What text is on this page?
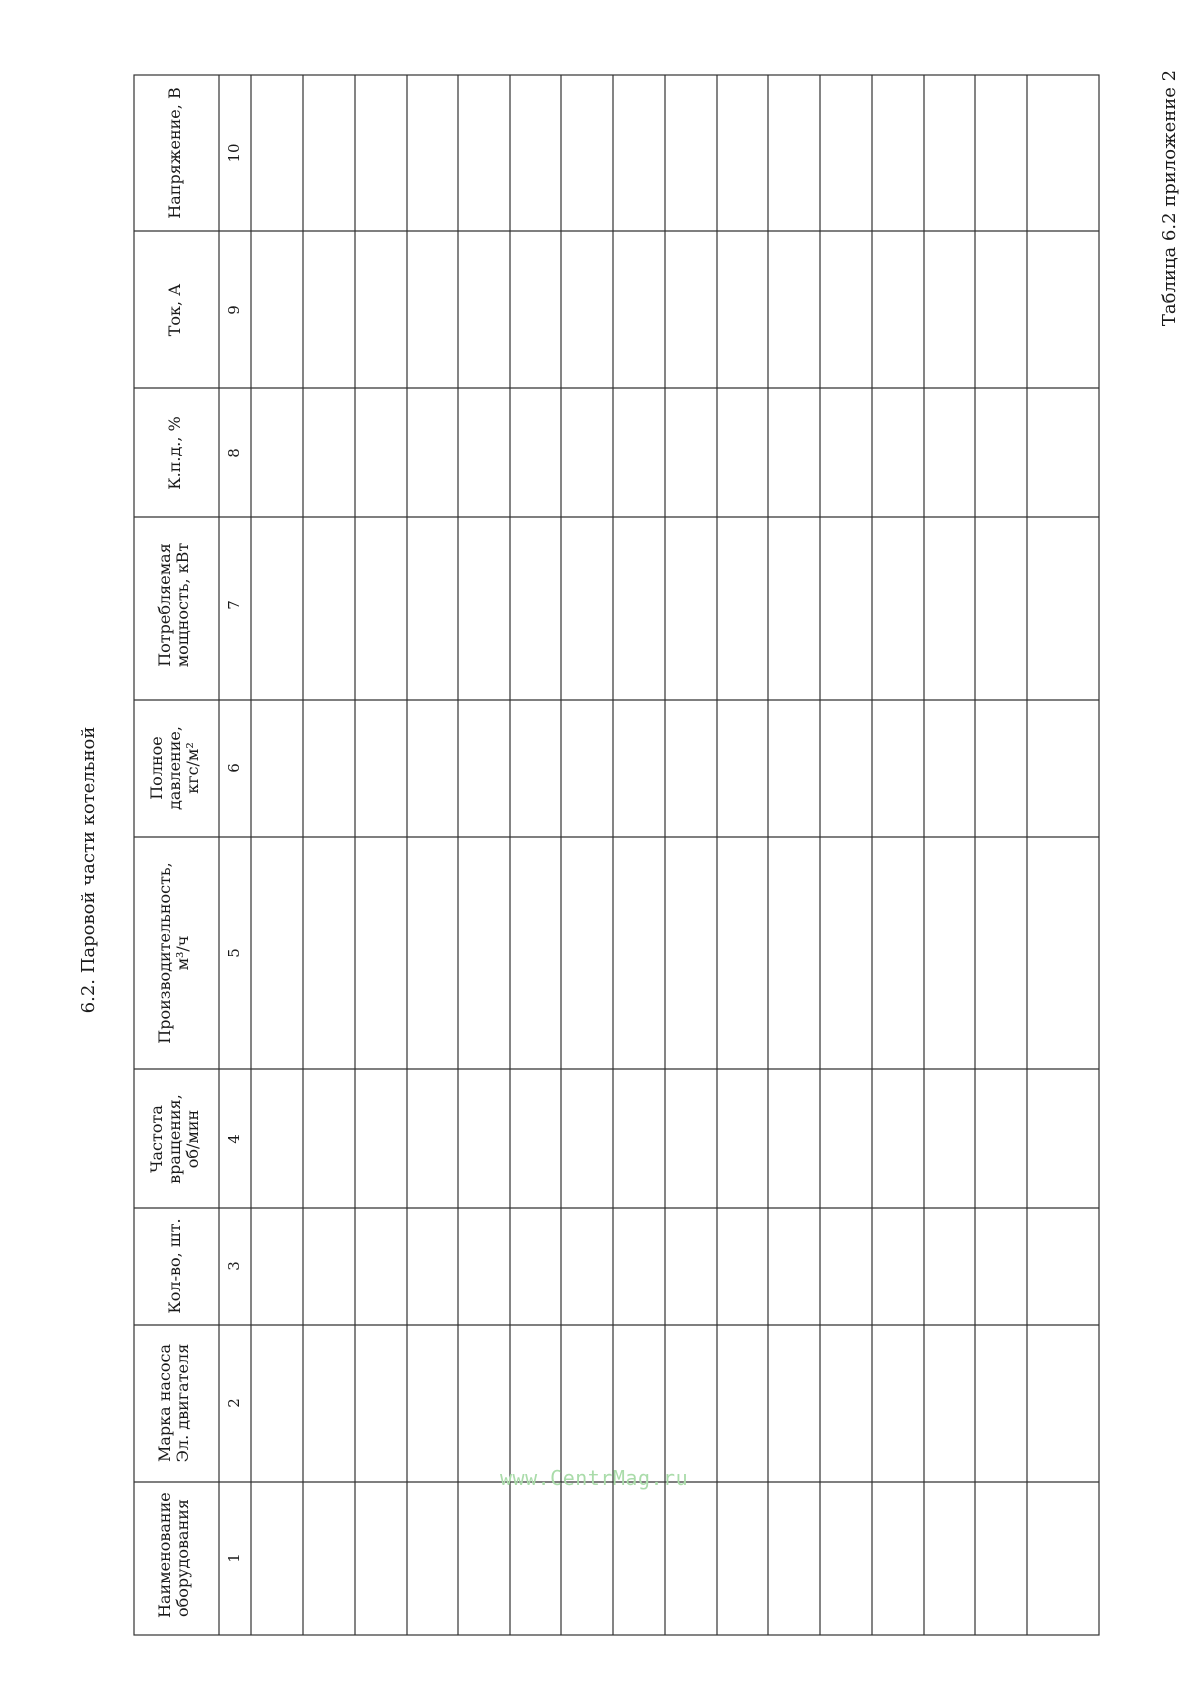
6.2. Паровой части котельной
Таблица 6.2 приложение 2
Наименование оборудования
Марка насоса Эл. двигателя
Кол-во, шт.
Частота вращения, об/мин
Производительность, м³/ч
Полное давление, кгс/м²
Потребляемая мощность, кВт
К.п.д., %
Ток, А
Напряжение, В
1
2
3
4
5
6
7
8
9
10
www.CentrMag.ru
